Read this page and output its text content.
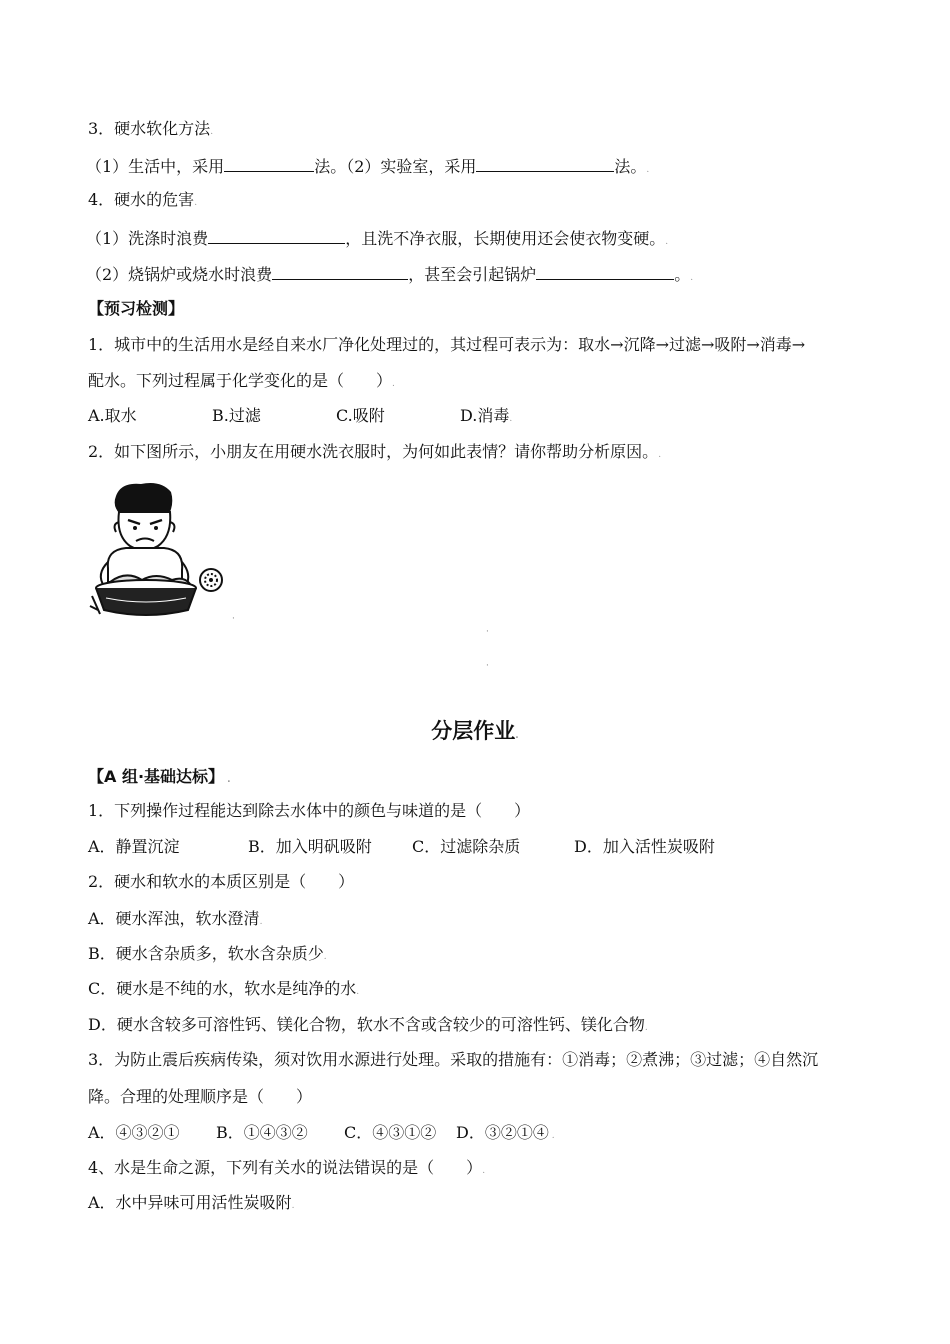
3．硬水软化方法.
（1）生活中，采用	法。（2）实验室，采用	法。.
4．硬水的危害.
（1）洗涤时浪费	，且洗不净衣服，长期使用还会使衣物变硬。.
（2）烧锅炉或烧水时浪费	，甚至会引起锅炉	。.
【预习检测】
1．城市中的生活用水是经自来水厂净化处理过的，其过程可表示为：取水→沉降→过滤→吸附→消毒→
配水。下列过程属于化学变化的是（　　）.
A.取水	B.过滤	C.吸附	D.消毒.
2．如下图所示，小朋友在用硬水洗衣服时，为何如此表情？请你帮助分析原因。.
·
·
·
分层作业.
【A 组·基础达标】 .
1．下列操作过程能达到除去水体中的颜色与味道的是（　　）
A．静置沉淀	B．加入明矾吸附	C．过滤除杂质	D．加入活性炭吸附
2．硬水和软水的本质区别是（　　）
A．硬水浑浊，软水澄清.
B．硬水含杂质多，软水含杂质少.
C．硬水是不纯的水，软水是纯净的水.
D．硬水含较多可溶性钙、镁化合物，软水不含或含较少的可溶性钙、镁化合物.
3．为防止震后疾病传染，须对饮用水源进行处理。采取的措施有：①消毒；②煮沸；③过滤；④自然沉
降。合理的处理顺序是（　　）
A．④③②① B．①④③② C．④③①② D．③②①④ .
4、水是生命之源，下列有关水的说法错误的是（　　）.
A．水中异味可用活性炭吸附.
